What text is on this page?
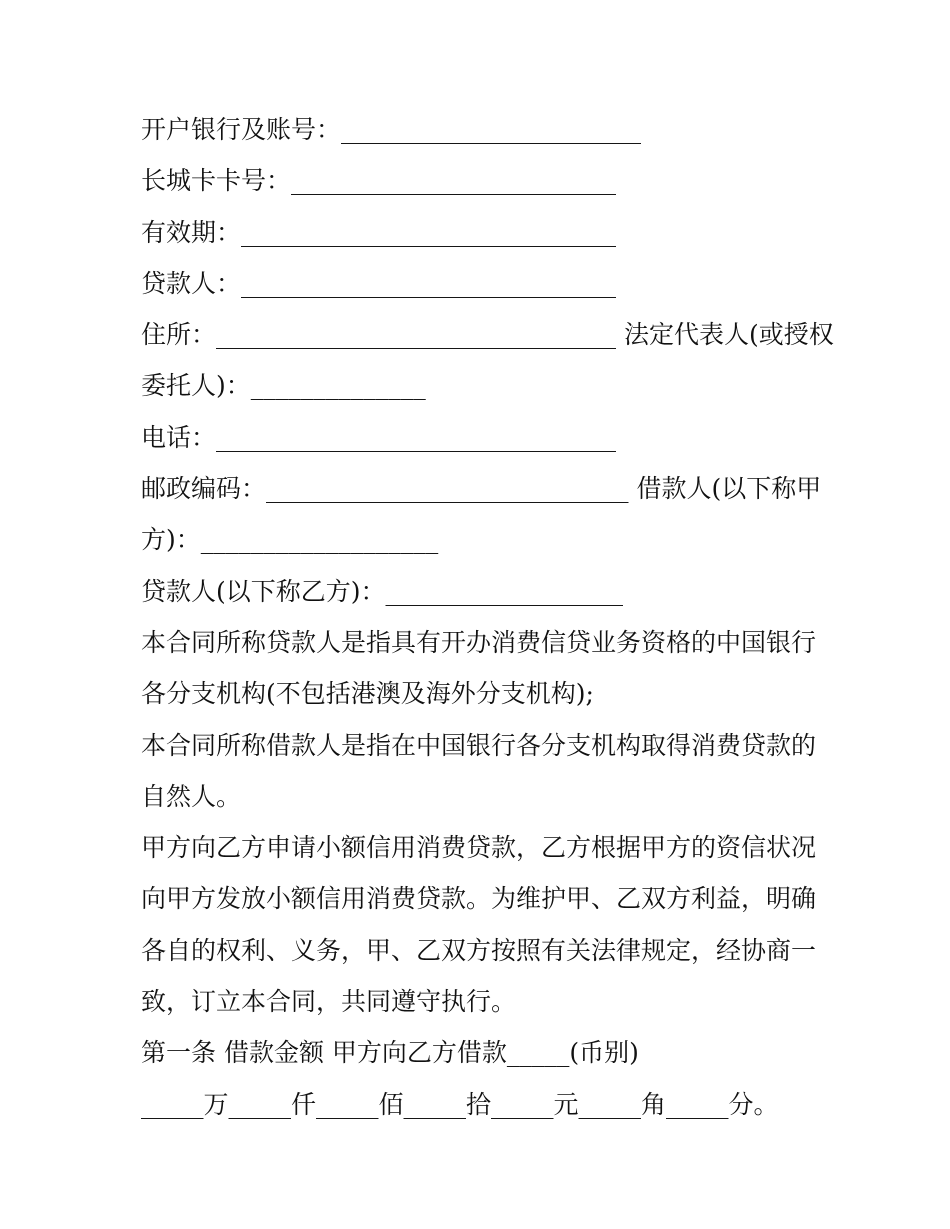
开户银行及账号：________________________
长城卡卡号：__________________________
有效期：______________________________
贷款人：______________________________
住所：________________________________ 法定代表人(或授权
委托人)：______________
电话：________________________________
邮政编码：_____________________________ 借款人(以下称甲
方)：___________________
贷款人(以下称乙方)：___________________
本合同所称贷款人是指具有开办消费信贷业务资格的中国银行
各分支机构(不包括港澳及海外分支机构);
本合同所称借款人是指在中国银行各分支机构取得消费贷款的
自然人。
甲方向乙方申请小额信用消费贷款，乙方根据甲方的资信状况
向甲方发放小额信用消费贷款。为维护甲、乙双方利益，明确
各自的权利、义务，甲、乙双方按照有关法律规定，经协商一
致，订立本合同，共同遵守执行。
第一条 借款金额 甲方向乙方借款_____(币别)
_____万_____仟_____佰_____拾_____元_____角_____分。
